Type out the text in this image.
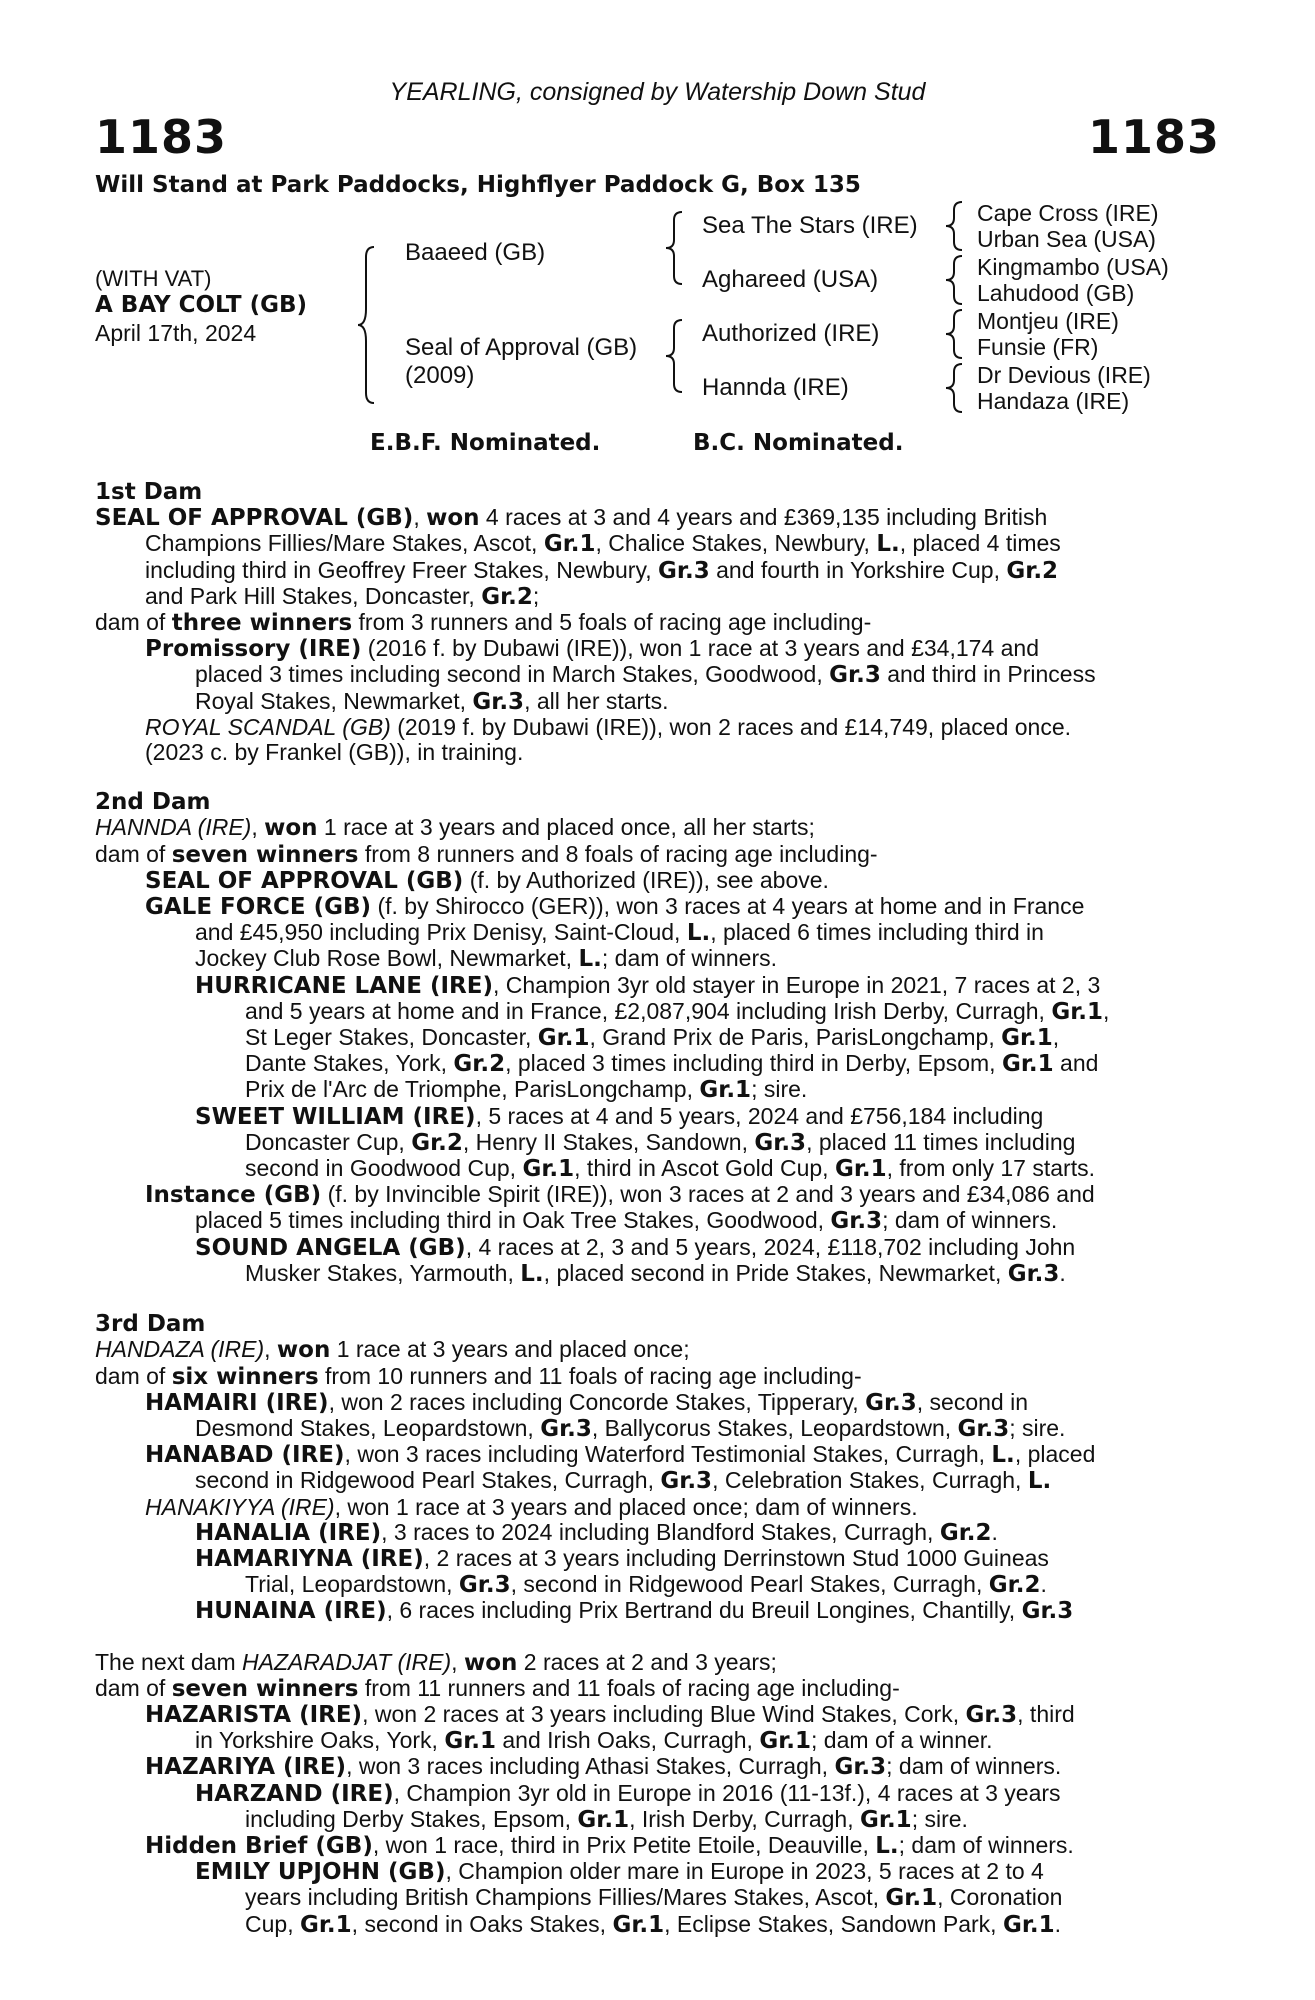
YEARLING, consigned by Watership Down Stud
1183	1183
Will Stand at Park Paddocks, Highflyer Paddock G, Box 135
(WITH VAT)
A BAY COLT (GB)
April 17th, 2024
Baaeed (GB)
Seal of Approval (GB)
(2009)
Sea The Stars (IRE)
Aghareed (USA)
Authorized (IRE)
Hannda (IRE)
Cape Cross (IRE)
Urban Sea (USA)
Kingmambo (USA)
Lahudood (GB)
Montjeu (IRE)
Funsie (FR)
Dr Devious (IRE)
Handaza (IRE)
E.B.F. Nominated.	B.C. Nominated.
1st Dam
SEAL OF APPROVAL (GB), won 4 races at 3 and 4 years and £369,135 including British
Champions Fillies/Mare Stakes, Ascot, Gr.1, Chalice Stakes, Newbury, L., placed 4 times
including third in Geoffrey Freer Stakes, Newbury, Gr.3 and fourth in Yorkshire Cup, Gr.2
and Park Hill Stakes, Doncaster, Gr.2;
dam of three winners from 3 runners and 5 foals of racing age including-
Promissory (IRE) (2016 f. by Dubawi (IRE)), won 1 race at 3 years and £34,174 and
placed 3 times including second in March Stakes, Goodwood, Gr.3 and third in Princess
Royal Stakes, Newmarket, Gr.3, all her starts.
ROYAL SCANDAL (GB) (2019 f. by Dubawi (IRE)), won 2 races and £14,749, placed once.
(2023 c. by Frankel (GB)), in training.
2nd Dam
HANNDA (IRE), won 1 race at 3 years and placed once, all her starts;
dam of seven winners from 8 runners and 8 foals of racing age including-
SEAL OF APPROVAL (GB) (f. by Authorized (IRE)), see above.
GALE FORCE (GB) (f. by Shirocco (GER)), won 3 races at 4 years at home and in France
and £45,950 including Prix Denisy, Saint-Cloud, L., placed 6 times including third in
Jockey Club Rose Bowl, Newmarket, L.; dam of winners.
HURRICANE LANE (IRE), Champion 3yr old stayer in Europe in 2021, 7 races at 2, 3
and 5 years at home and in France, £2,087,904 including Irish Derby, Curragh, Gr.1,
St Leger Stakes, Doncaster, Gr.1, Grand Prix de Paris, ParisLongchamp, Gr.1,
Dante Stakes, York, Gr.2, placed 3 times including third in Derby, Epsom, Gr.1 and
Prix de l'Arc de Triomphe, ParisLongchamp, Gr.1; sire.
SWEET WILLIAM (IRE), 5 races at 4 and 5 years, 2024 and £756,184 including
Doncaster Cup, Gr.2, Henry II Stakes, Sandown, Gr.3, placed 11 times including
second in Goodwood Cup, Gr.1, third in Ascot Gold Cup, Gr.1, from only 17 starts.
Instance (GB) (f. by Invincible Spirit (IRE)), won 3 races at 2 and 3 years and £34,086 and
placed 5 times including third in Oak Tree Stakes, Goodwood, Gr.3; dam of winners.
SOUND ANGELA (GB), 4 races at 2, 3 and 5 years, 2024, £118,702 including John
Musker Stakes, Yarmouth, L., placed second in Pride Stakes, Newmarket, Gr.3.
3rd Dam
HANDAZA (IRE), won 1 race at 3 years and placed once;
dam of six winners from 10 runners and 11 foals of racing age including-
HAMAIRI (IRE), won 2 races including Concorde Stakes, Tipperary, Gr.3, second in
Desmond Stakes, Leopardstown, Gr.3, Ballycorus Stakes, Leopardstown, Gr.3; sire.
HANABAD (IRE), won 3 races including Waterford Testimonial Stakes, Curragh, L., placed
second in Ridgewood Pearl Stakes, Curragh, Gr.3, Celebration Stakes, Curragh, L.
HANAKIYYA (IRE), won 1 race at 3 years and placed once; dam of winners.
HANALIA (IRE), 3 races to 2024 including Blandford Stakes, Curragh, Gr.2.
HAMARIYNA (IRE), 2 races at 3 years including Derrinstown Stud 1000 Guineas
Trial, Leopardstown, Gr.3, second in Ridgewood Pearl Stakes, Curragh, Gr.2.
HUNAINA (IRE), 6 races including Prix Bertrand du Breuil Longines, Chantilly, Gr.3
The next dam HAZARADJAT (IRE), won 2 races at 2 and 3 years;
dam of seven winners from 11 runners and 11 foals of racing age including-
HAZARISTA (IRE), won 2 races at 3 years including Blue Wind Stakes, Cork, Gr.3, third
in Yorkshire Oaks, York, Gr.1 and Irish Oaks, Curragh, Gr.1; dam of a winner.
HAZARIYA (IRE), won 3 races including Athasi Stakes, Curragh, Gr.3; dam of winners.
HARZAND (IRE), Champion 3yr old in Europe in 2016 (11-13f.), 4 races at 3 years
including Derby Stakes, Epsom, Gr.1, Irish Derby, Curragh, Gr.1; sire.
Hidden Brief (GB), won 1 race, third in Prix Petite Etoile, Deauville, L.; dam of winners.
EMILY UPJOHN (GB), Champion older mare in Europe in 2023, 5 races at 2 to 4
years including British Champions Fillies/Mares Stakes, Ascot, Gr.1, Coronation
Cup, Gr.1, second in Oaks Stakes, Gr.1, Eclipse Stakes, Sandown Park, Gr.1.
